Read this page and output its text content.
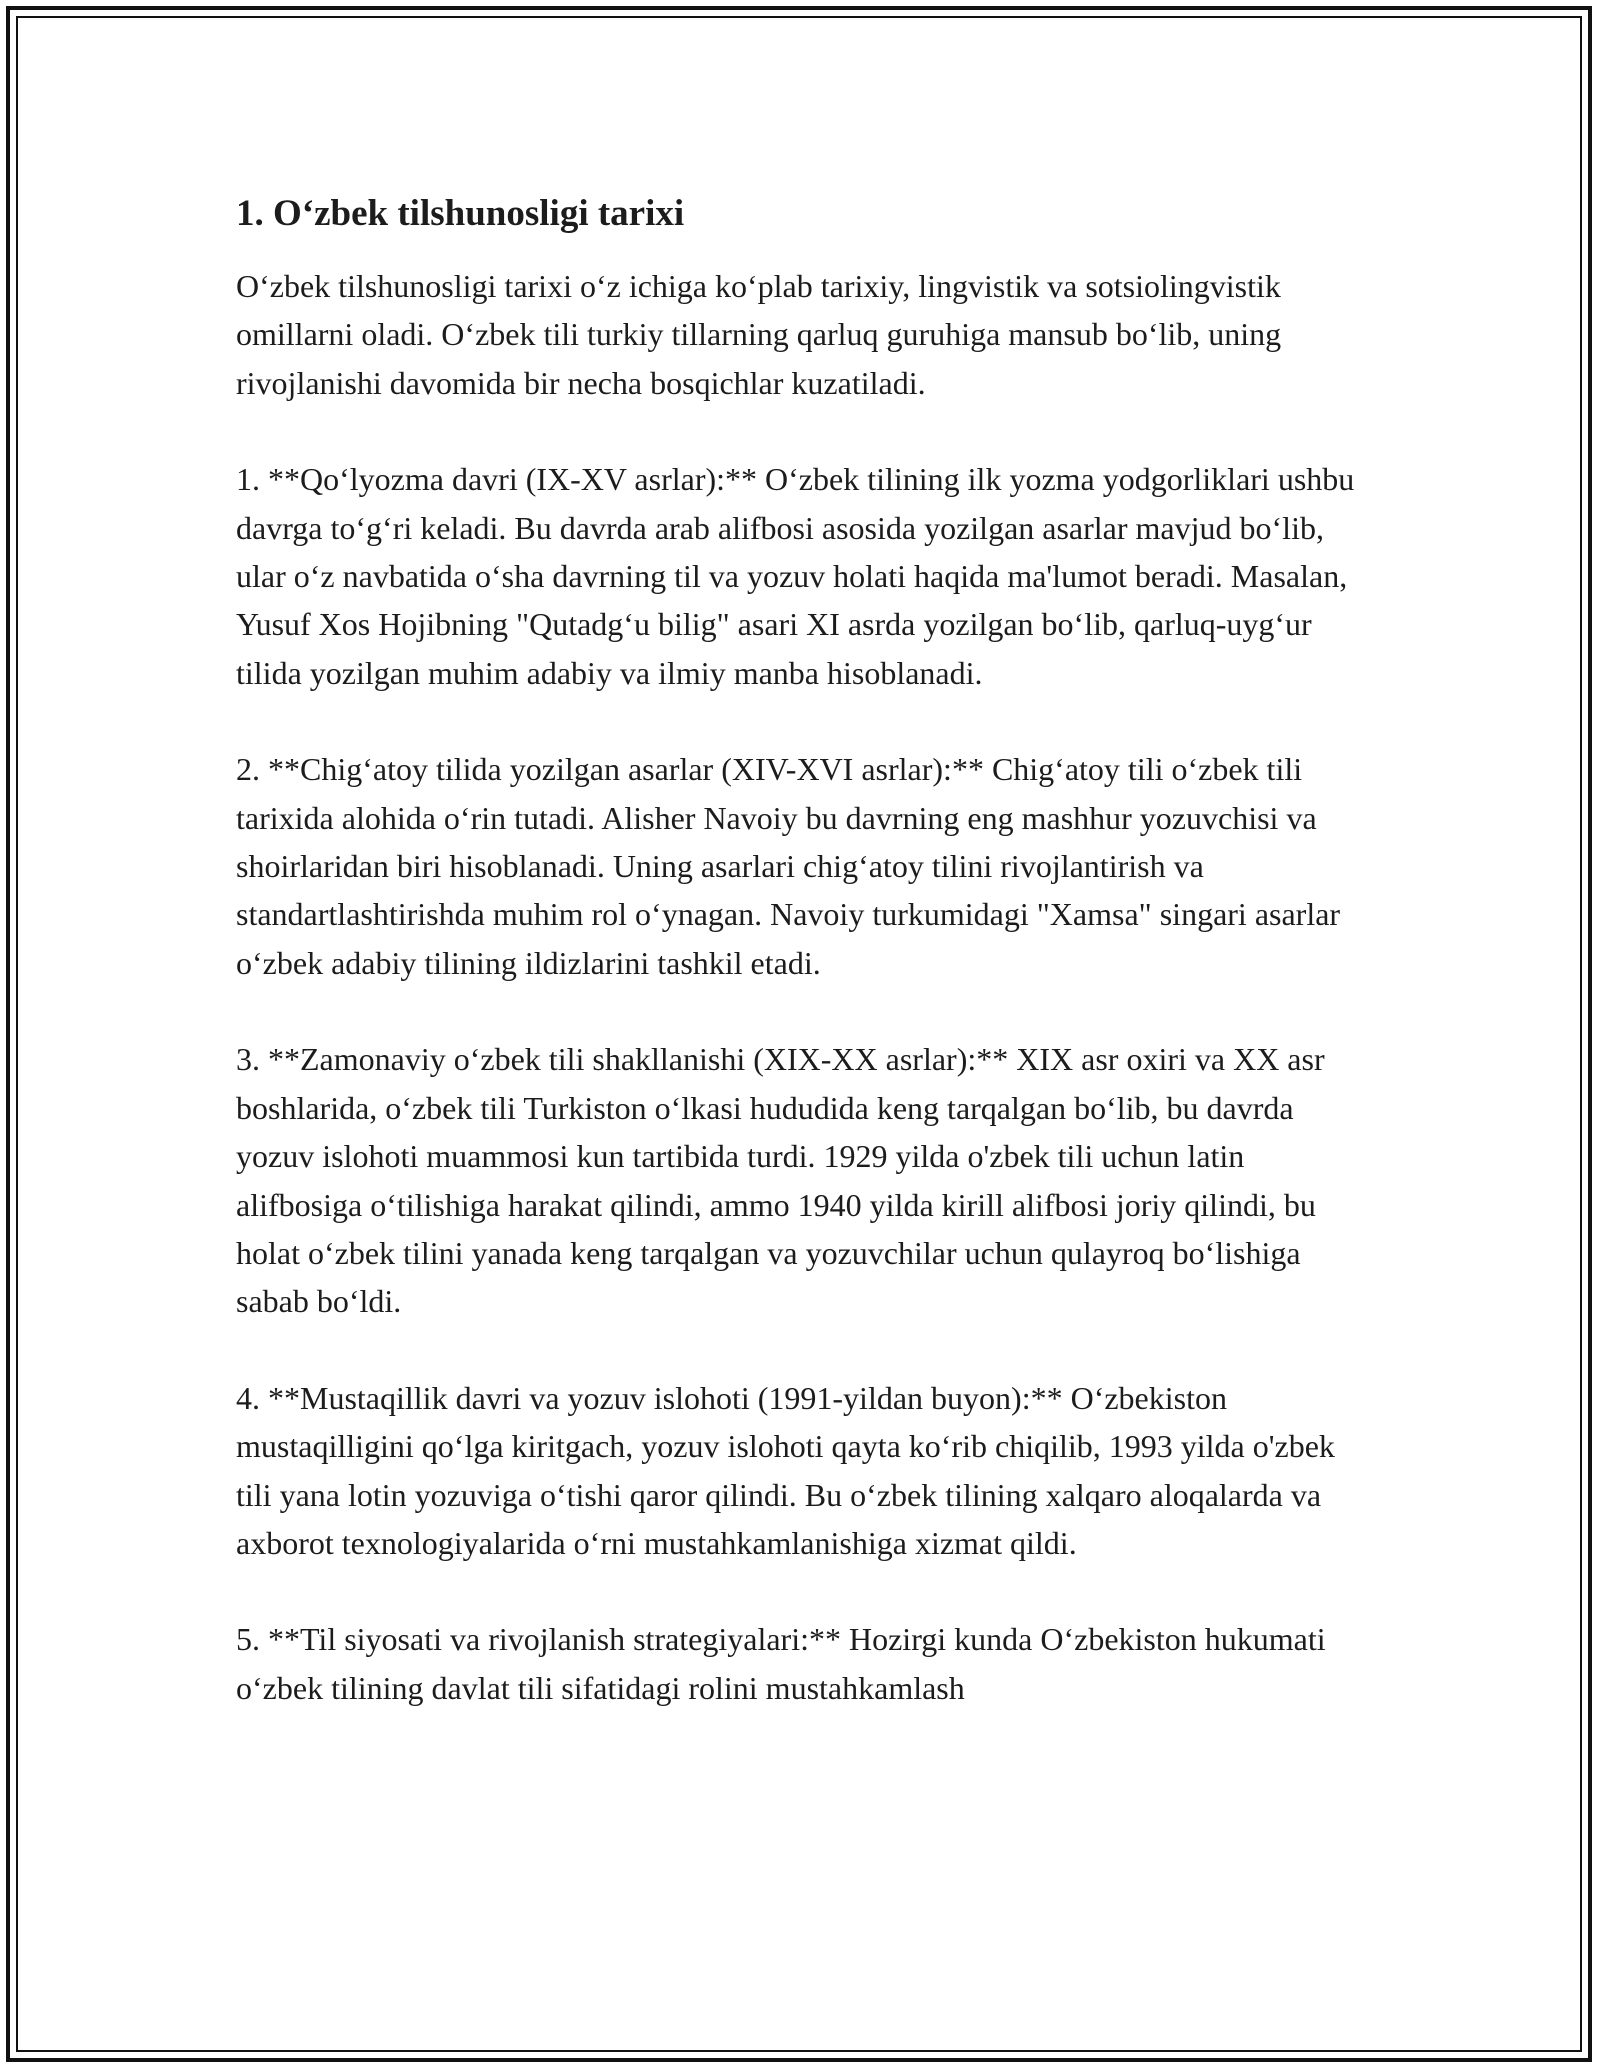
1. O‘zbek tilshunosligi tarixi

O‘zbek tilshunosligi tarixi o‘z ichiga ko‘plab tarixiy, lingvistik va sotsiolingvistik omillarni oladi. O‘zbek tili turkiy tillarning qarluq guruhiga mansub bo‘lib, uning rivojlanishi davomida bir necha bosqichlar kuzatiladi.

1. **Qo‘lyozma davri (IX-XV asrlar):** O‘zbek tilining ilk yozma yodgorliklari ushbu davrga to‘g‘ri keladi. Bu davrda arab alifbosi asosida yozilgan asarlar mavjud bo‘lib, ular o‘z navbatida o‘sha davrning til va yozuv holati haqida ma'lumot beradi. Masalan, Yusuf Xos Hojibning "Qutadg‘u bilig" asari XI asrda yozilgan bo‘lib, qarluq-uyg‘ur tilida yozilgan muhim adabiy va ilmiy manba hisoblanadi.

2. **Chig‘atoy tilida yozilgan asarlar (XIV-XVI asrlar):** Chig‘atoy tili o‘zbek tili tarixida alohida o‘rin tutadi. Alisher Navoiy bu davrning eng mashhur yozuvchisi va shoirlaridan biri hisoblanadi. Uning asarlari chig‘atoy tilini rivojlantirish va standartlashtirishda muhim rol o‘ynagan. Navoiy turkumidagi "Xamsa" singari asarlar o‘zbek adabiy tilining ildizlarini tashkil etadi.

3. **Zamonaviy o‘zbek tili shakllanishi (XIX-XX asrlar):** XIX asr oxiri va XX asr boshlarida, o‘zbek tili Turkiston o‘lkasi hududida keng tarqalgan bo‘lib, bu davrda yozuv islohoti muammosi kun tartibida turdi. 1929 yilda o'zbek tili uchun latin alifbosiga o‘tilishiga harakat qilindi, ammo 1940 yilda kirill alifbosi joriy qilindi, bu holat o‘zbek tilini yanada keng tarqalgan va yozuvchilar uchun qulayroq bo‘lishiga sabab bo‘ldi.

4. **Mustaqillik davri va yozuv islohoti (1991-yildan buyon):** O‘zbekiston mustaqilligini qo‘lga kiritgach, yozuv islohoti qayta ko‘rib chiqilib, 1993 yilda o'zbek tili yana lotin yozuviga o‘tishi qaror qilindi. Bu o‘zbek tilining xalqaro aloqalarda va axborot texnologiyalarida o‘rni mustahkamlanishiga xizmat qildi.

5. **Til siyosati va rivojlanish strategiyalari:** Hozirgi kunda O‘zbekiston hukumati o‘zbek tilining davlat tili sifatidagi rolini mustahkamlash
